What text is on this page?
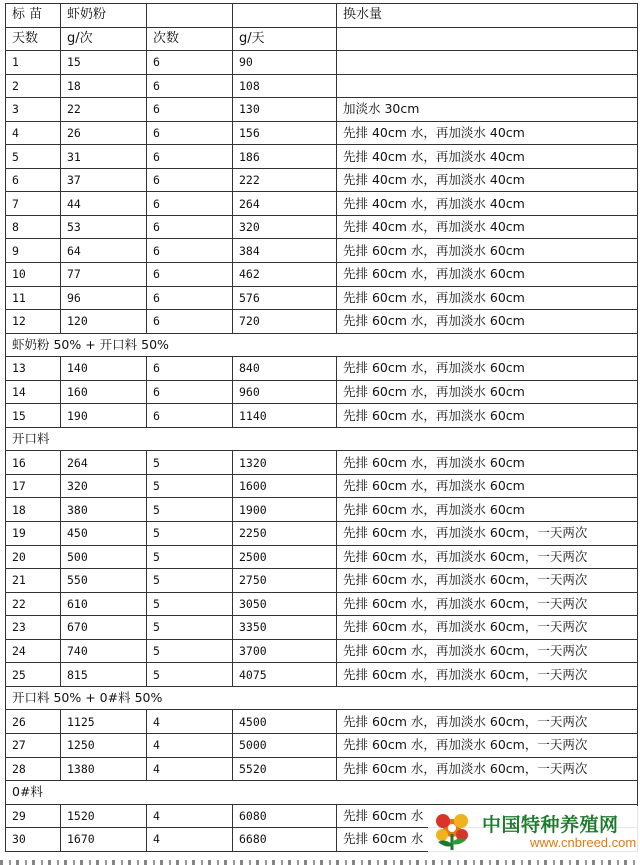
标 苗	虾奶粉			换水量
天数	g/次	次数	g/天	
1	15	6	90	
2	18	6	108	
3	22	6	130	加淡水 30cm
4	26	6	156	先排 40cm 水，再加淡水 40cm
5	31	6	186	先排 40cm 水，再加淡水 40cm
6	37	6	222	先排 40cm 水，再加淡水 40cm
7	44	6	264	先排 40cm 水，再加淡水 40cm
8	53	6	320	先排 40cm 水，再加淡水 40cm
9	64	6	384	先排 60cm 水，再加淡水 60cm
10	77	6	462	先排 60cm 水，再加淡水 60cm
11	96	6	576	先排 60cm 水，再加淡水 60cm
12	120	6	720	先排 60cm 水，再加淡水 60cm
虾奶粉 50% + 开口料 50%				
13	140	6	840	先排 60cm 水，再加淡水 60cm
14	160	6	960	先排 60cm 水，再加淡水 60cm
15	190	6	1140	先排 60cm 水，再加淡水 60cm
开口料				
16	264	5	1320	先排 60cm 水，再加淡水 60cm
17	320	5	1600	先排 60cm 水，再加淡水 60cm
18	380	5	1900	先排 60cm 水，再加淡水 60cm
19	450	5	2250	先排 60cm 水，再加淡水 60cm，一天两次
20	500	5	2500	先排 60cm 水，再加淡水 60cm，一天两次
21	550	5	2750	先排 60cm 水，再加淡水 60cm，一天两次
22	610	5	3050	先排 60cm 水，再加淡水 60cm，一天两次
23	670	5	3350	先排 60cm 水，再加淡水 60cm，一天两次
24	740	5	3700	先排 60cm 水，再加淡水 60cm，一天两次
25	815	5	4075	先排 60cm 水，再加淡水 60cm，一天两次
开口料 50% + 0#料 50%				
26	1125	4	4500	先排 60cm 水，再加淡水 60cm，一天两次
27	1250	4	5000	先排 60cm 水，再加淡水 60cm，一天两次
28	1380	4	5520	先排 60cm 水，再加淡水 60cm，一天两次
0#料				
29	1520	4	6080	先排 60cm 水
30	1670	4	6680	先排 60cm 水
中国特种养殖网
www.cnbreed.com
